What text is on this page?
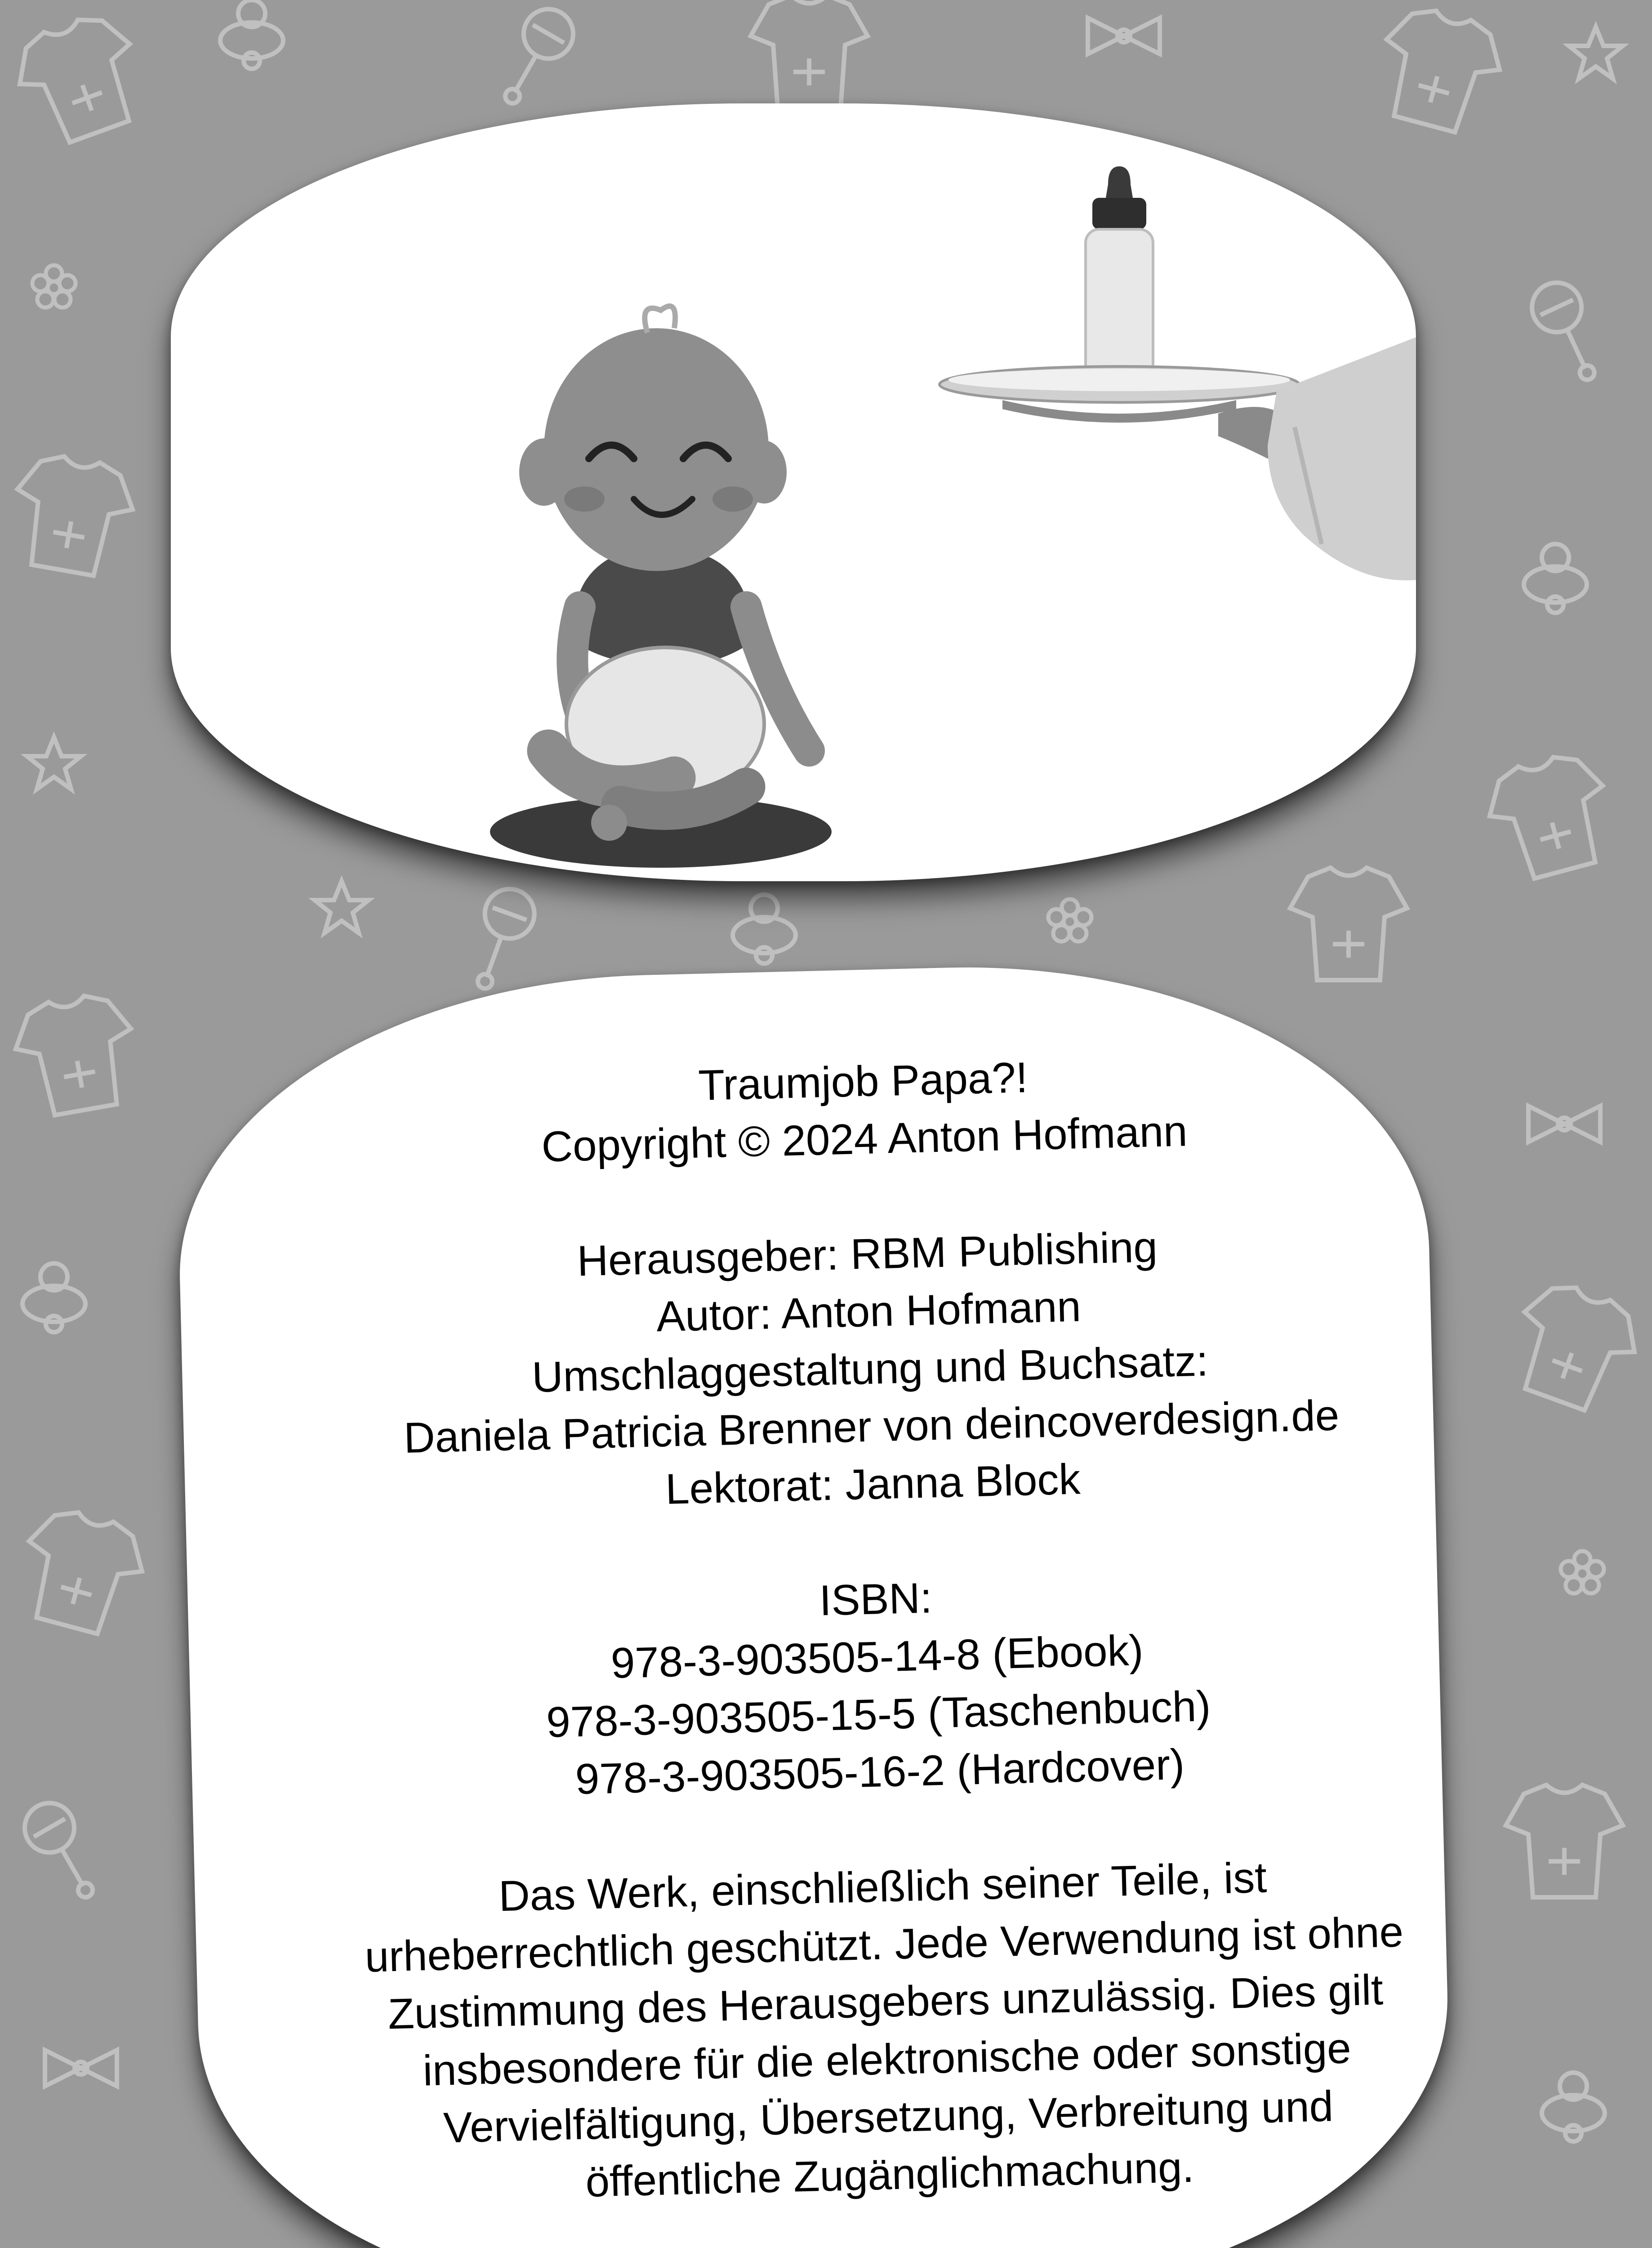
Traumjob Papa?!
Copyright © 2024 Anton Hofmann
Herausgeber: RBM Publishing
Autor: Anton Hofmann
Umschlaggestaltung und Buchsatz:
Daniela Patricia Brenner von deincoverdesign.de
Lektorat: Janna Block
ISBN:
978-3-903505-14-8 (Ebook)
978-3-903505-15-5 (Taschenbuch)
978-3-903505-16-2 (Hardcover)
Das Werk, einschließlich seiner Teile, ist
urheberrechtlich geschützt. Jede Verwendung ist ohne
Zustimmung des Herausgebers unzulässig. Dies gilt
insbesondere für die elektronische oder sonstige
Vervielfältigung, Übersetzung, Verbreitung und
öffentliche Zugänglichmachung.
